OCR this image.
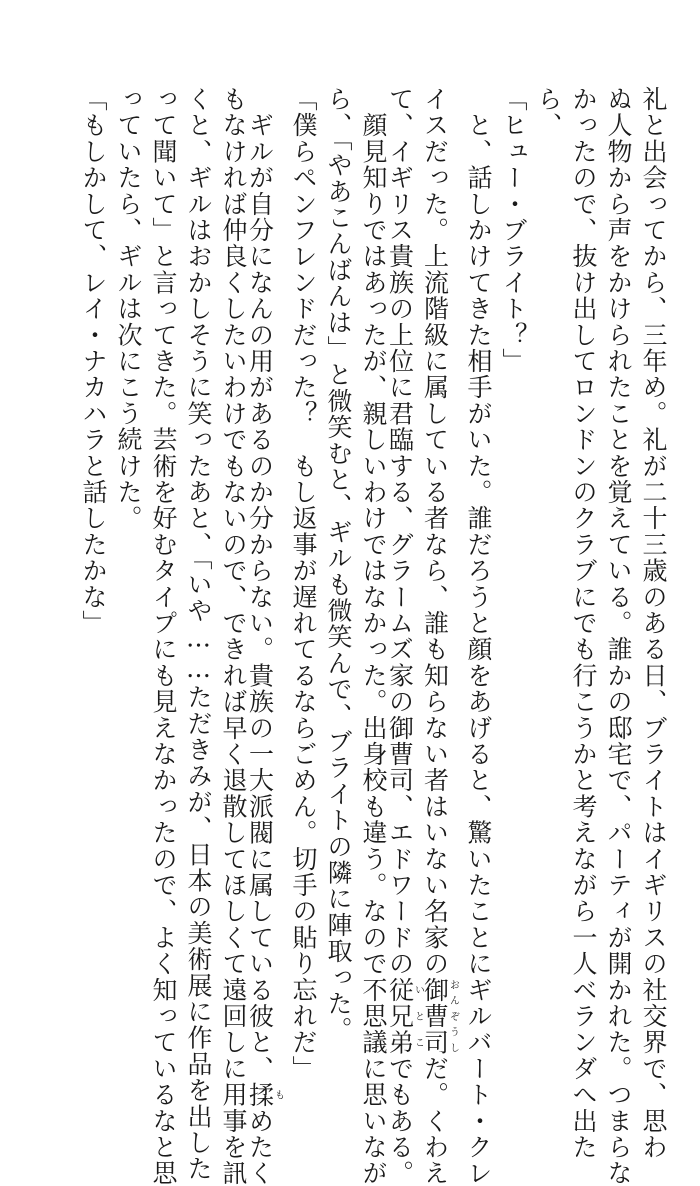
礼と出会ってから、三年め。礼が二十三歳のある日、ブライトはイギリスの社交界で、思わ
ぬ人物から声をかけられたことを覚えている。誰かの邸宅で、パーティが開かれた。つまらな
かったので、抜け出してロンドンのクラブにでも行こうかと考えながら一人ベランダへ出た
ら、
「ヒュー・ブライト？」
　と、話しかけてきた相手がいた。誰だろうと顔をあげると、驚いたことにギルバート・クレ
イスだった。上流階級に属している者なら、誰も知らない者はいない名家の御曹司おんぞうしだ。くわえ
て、イギリス貴族の上位に君臨する、グラームズ家の御曹司、エドワードの従兄弟いとこでもある。
　顔見知りではあったが、親しいわけではなかった。出身校も違う。なので不思議に思いなが
ら、「やあこんばんは」と微笑むと、ギルも微笑んで、ブライトの隣に陣取った。
「僕らペンフレンドだった？　もし返事が遅れてるならごめん。切手の貼り忘れだ」
　ギルが自分になんの用があるのか分からない。貴族の一大派閥に属している彼と、揉もめたく
もなければ仲良くしたいわけでもないので、できれば早く退散してほしくて遠回しに用事を訊
くと、ギルはおかしそうに笑ったあと、「いや……ただきみが、日本の美術展に作品を出した
って聞いて」と言ってきた。芸術を好むタイプにも見えなかったので、よく知っているなと思
っていたら、ギルは次にこう続けた。
「もしかして、レイ・ナカハラと話したかな」
